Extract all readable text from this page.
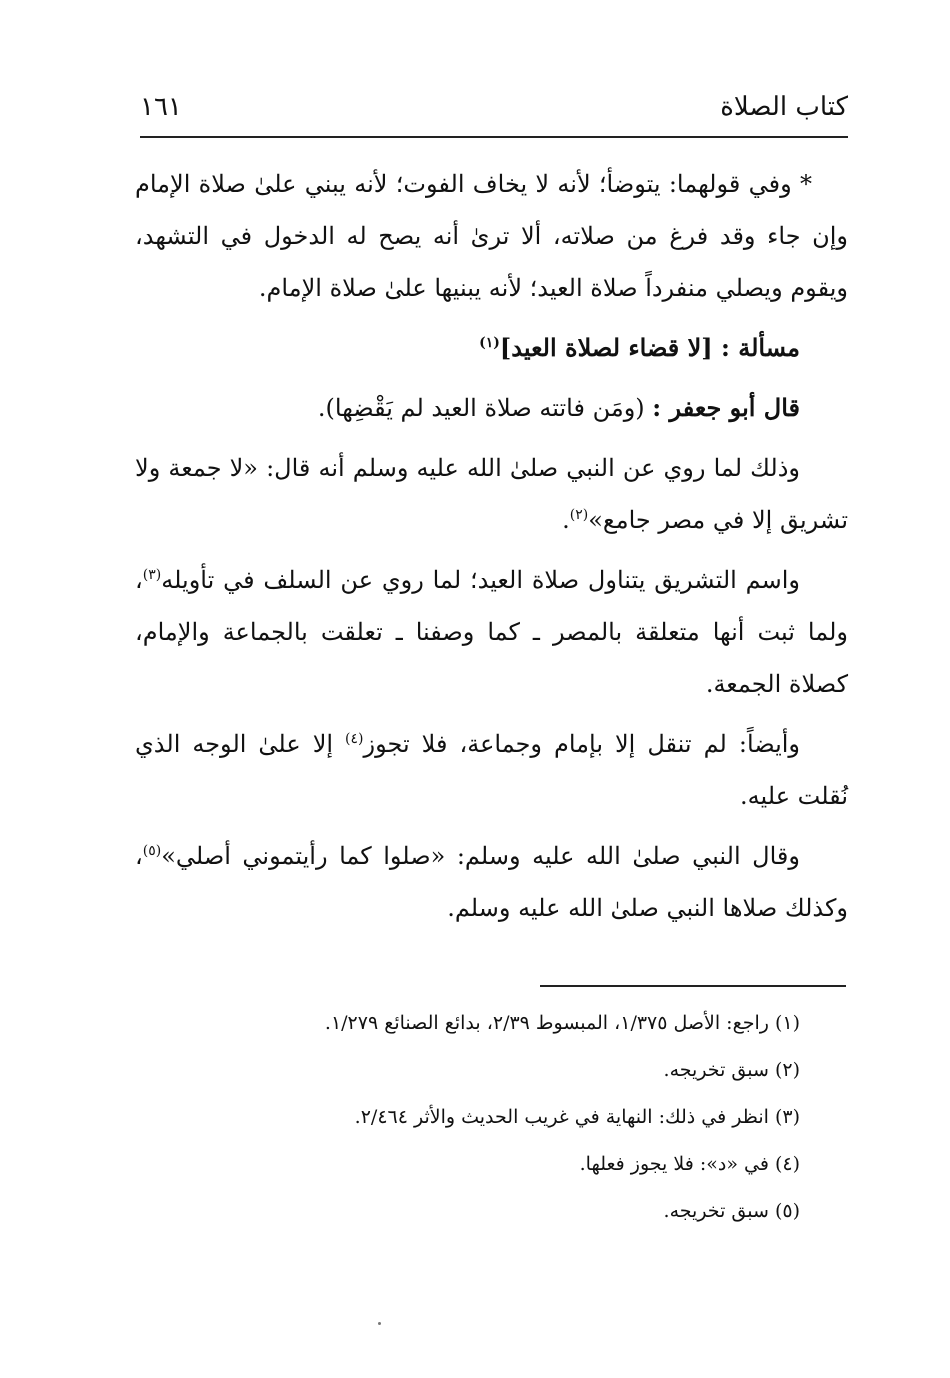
كتاب الصلاة
١٦١

* وفي قولهما: يتوضأ؛ لأنه لا يخاف الفوت؛ لأنه يبني علىٰ صلاة الإمام وإن جاء وقد فرغ من صلاته، ألا ترىٰ أنه يصح له الدخول في التشهد، ويقوم ويصلي منفرداً صلاة العيد؛ لأنه يبنيها علىٰ صلاة الإمام.

مسألة : [لا قضاء لصلاة العيد]$^{(١)}$

قال أبو جعفر : (ومَن فاتته صلاة العيد لم يَقْضِها).

وذلك لما روي عن النبي صلىٰ الله عليه وسلم أنه قال: «لا جمعة ولا تشريق إلا في مصر جامع»$^{(٢)}$.

واسم التشريق يتناول صلاة العيد؛ لما روي عن السلف في تأويله$^{(٣)}$، ولما ثبت أنها متعلقة بالمصر ـ كما وصفنا ـ تعلقت بالجماعة والإمام، كصلاة الجمعة.

وأيضاً: لم تنقل إلا بإمام وجماعة، فلا تجوز$^{(٤)}$ إلا علىٰ الوجه الذي نُقلت عليه.

وقال النبي صلىٰ الله عليه وسلم: «صلوا كما رأيتموني أصلي»$^{(٥)}$، وكذلك صلاها النبي صلىٰ الله عليه وسلم.

(١) راجع: الأصل ١/٣٧٥، المبسوط ٢/٣٩، بدائع الصنائع ١/٢٧٩.

(٢) سبق تخريجه.

(٣) انظر في ذلك: النهاية في غريب الحديث والأثر ٢/٤٦٤.

(٤) في «د»: فلا يجوز فعلها.

(٥) سبق تخريجه.
